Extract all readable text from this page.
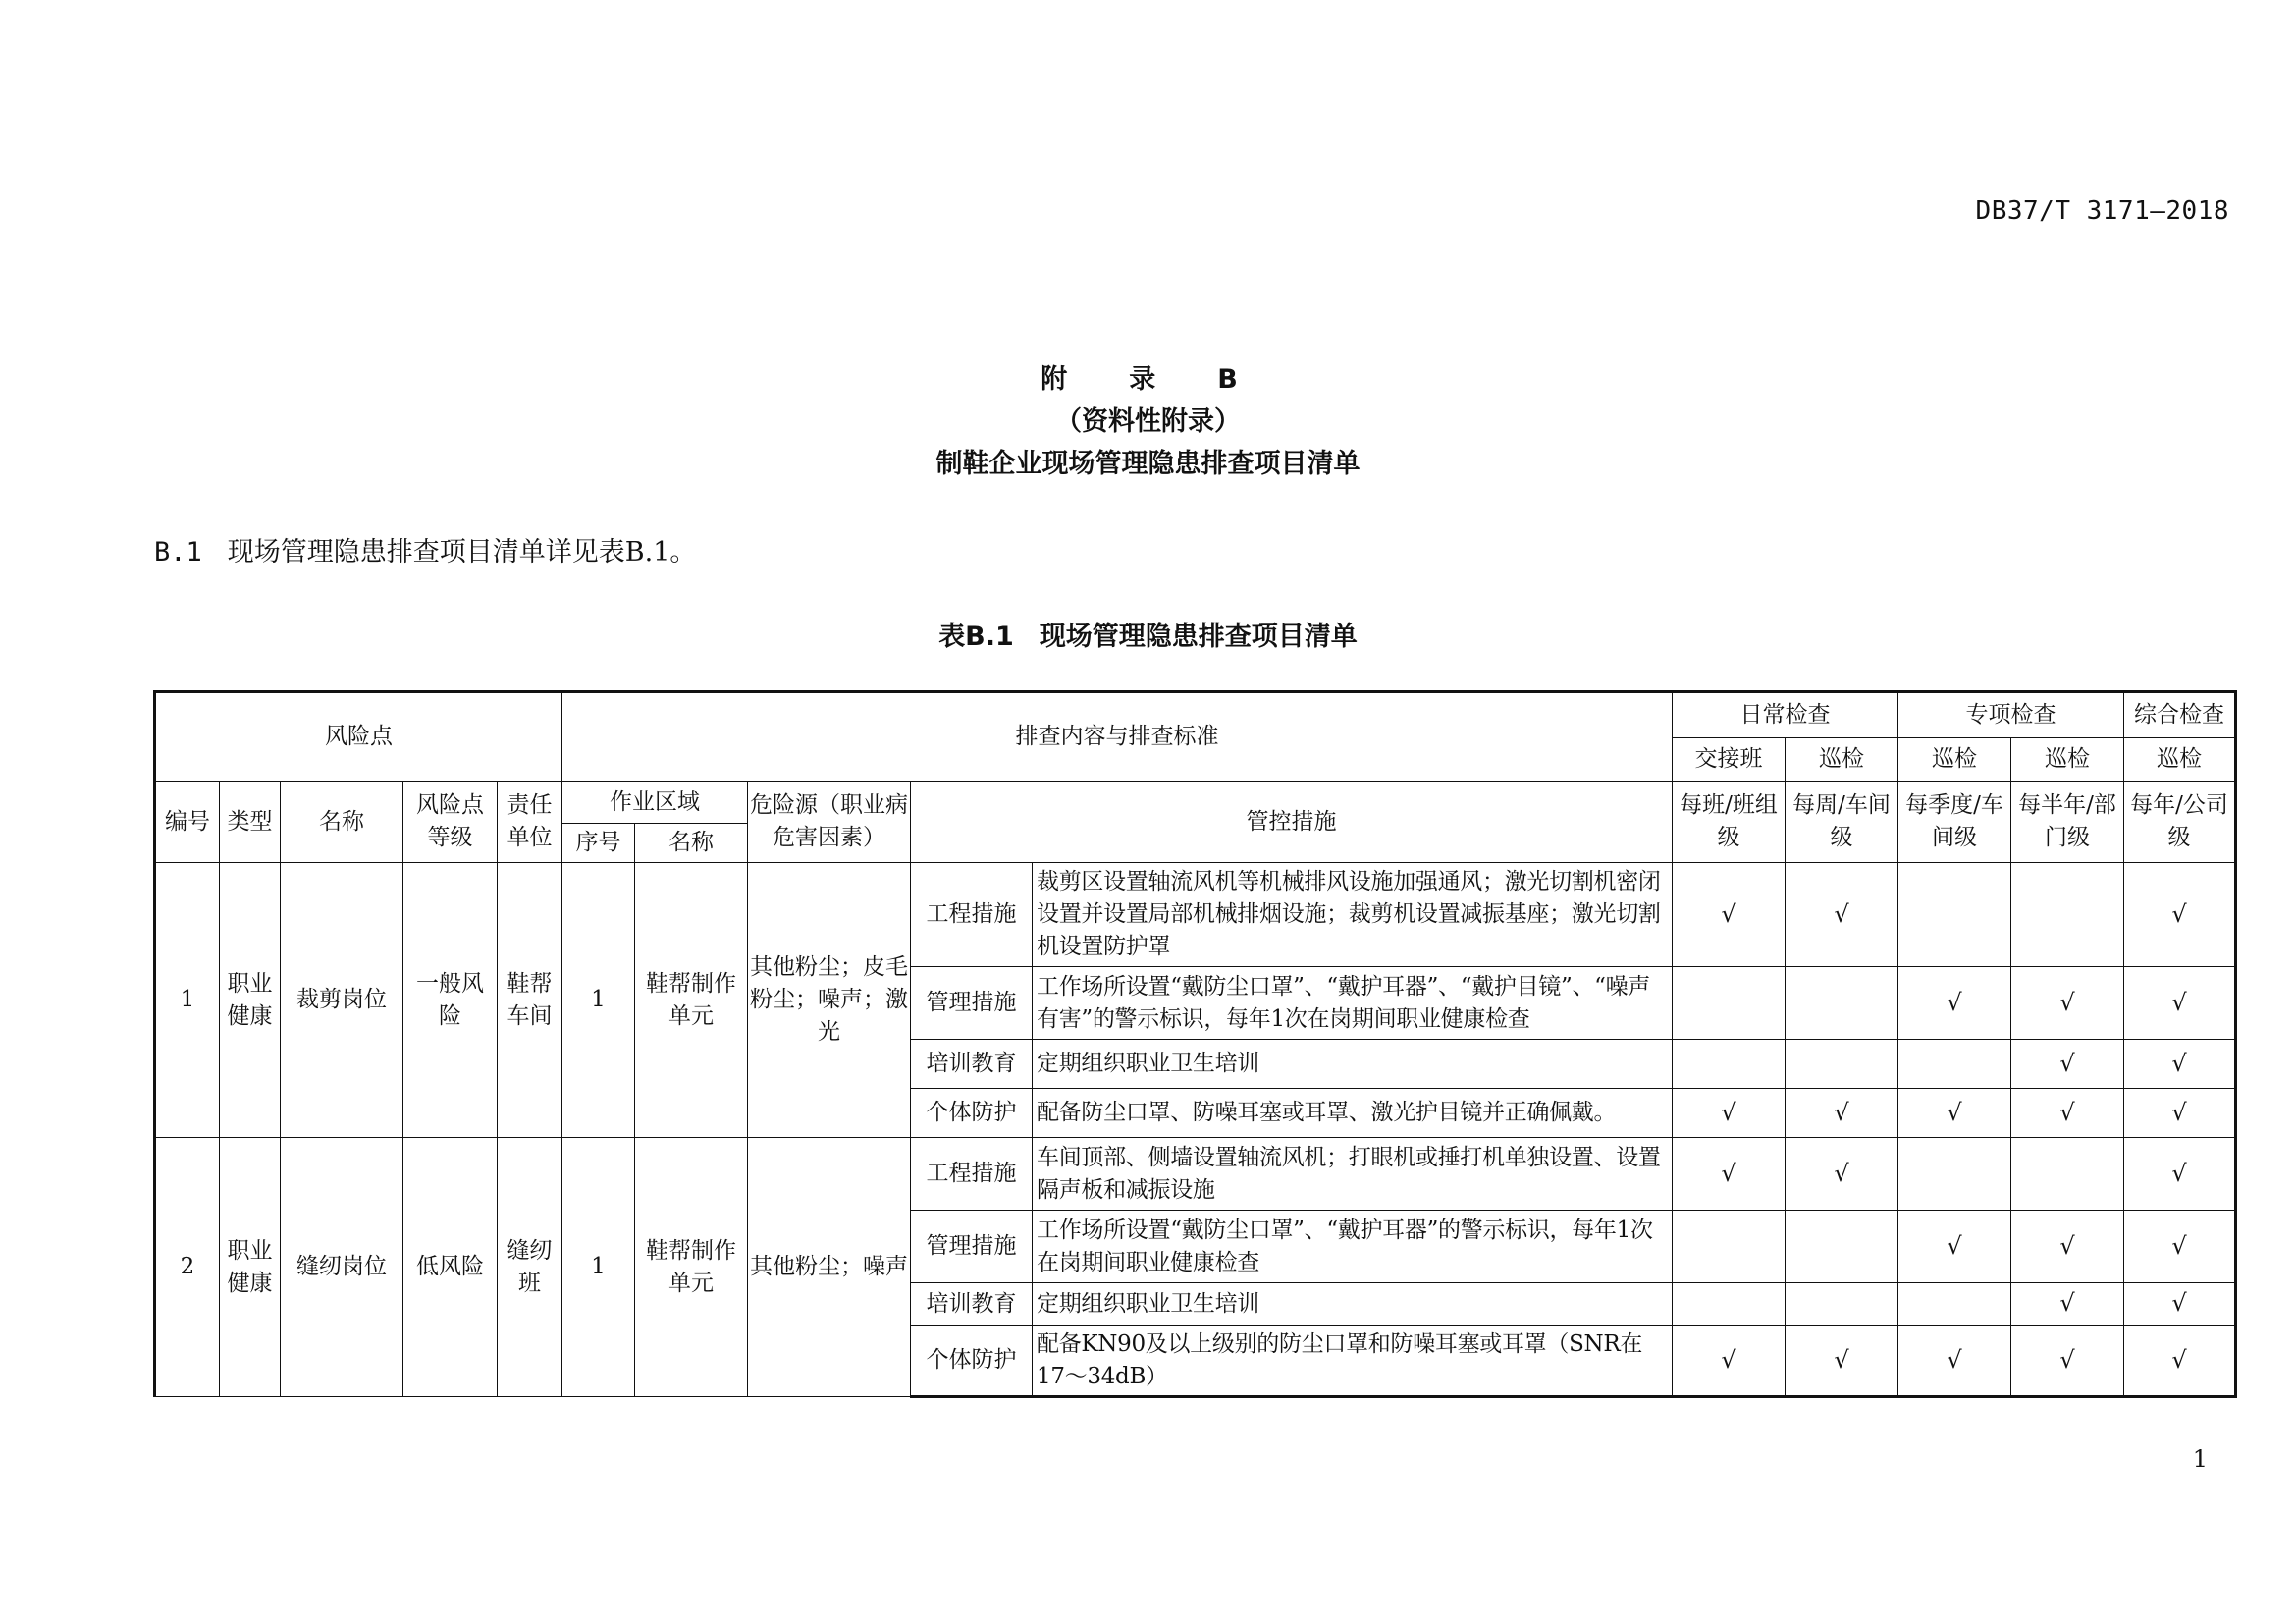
DB37/T 3171—2018
附　录　B
（资料性附录）
制鞋企业现场管理隐患排查项目清单
B.1 现场管理隐患排查项目清单详见表B.1。
表B.1 现场管理隐患排查项目清单
风险点					排查内容与排查标准					日常检查		专项检查		综合检查
										交接班	巡检	巡检	巡检	巡检
编号	类型	名称	风险点等级	责任单位	作业区域		危险源（职业病危害因素）	管控措施		每班/班组级	每周/车间级	每季度/车间级	每半年/部门级	每年/公司级
					序号	名称								
1	职业健康	裁剪岗位	一般风险	鞋帮车间	1	鞋帮制作单元	其他粉尘；皮毛粉尘；噪声；激光	工程措施	裁剪区设置轴流风机等机械排风设施加强通风；激光切割机密闭设置并设置局部机械排烟设施；裁剪机设置减振基座；激光切割机设置防护罩	√	√			√
								管理措施	工作场所设置“戴防尘口罩”、“戴护耳器”、“戴护目镜”、“噪声有害”的警示标识，每年1次在岗期间职业健康检查			√	√	√
								培训教育	定期组织职业卫生培训				√	√
								个体防护	配备防尘口罩、防噪耳塞或耳罩、激光护目镜并正确佩戴。	√	√	√	√	√
2	职业健康	缝纫岗位	低风险	缝纫班	1	鞋帮制作单元	其他粉尘；噪声	工程措施	车间顶部、侧墙设置轴流风机；打眼机或捶打机单独设置、设置隔声板和减振设施	√	√			√
								管理措施	工作场所设置“戴防尘口罩”、“戴护耳器”的警示标识，每年1次在岗期间职业健康检查			√	√	√
								培训教育	定期组织职业卫生培训				√	√
								个体防护	配备KN90及以上级别的防尘口罩和防噪耳塞或耳罩（SNR在17～34dB）	√	√	√	√	√
1
